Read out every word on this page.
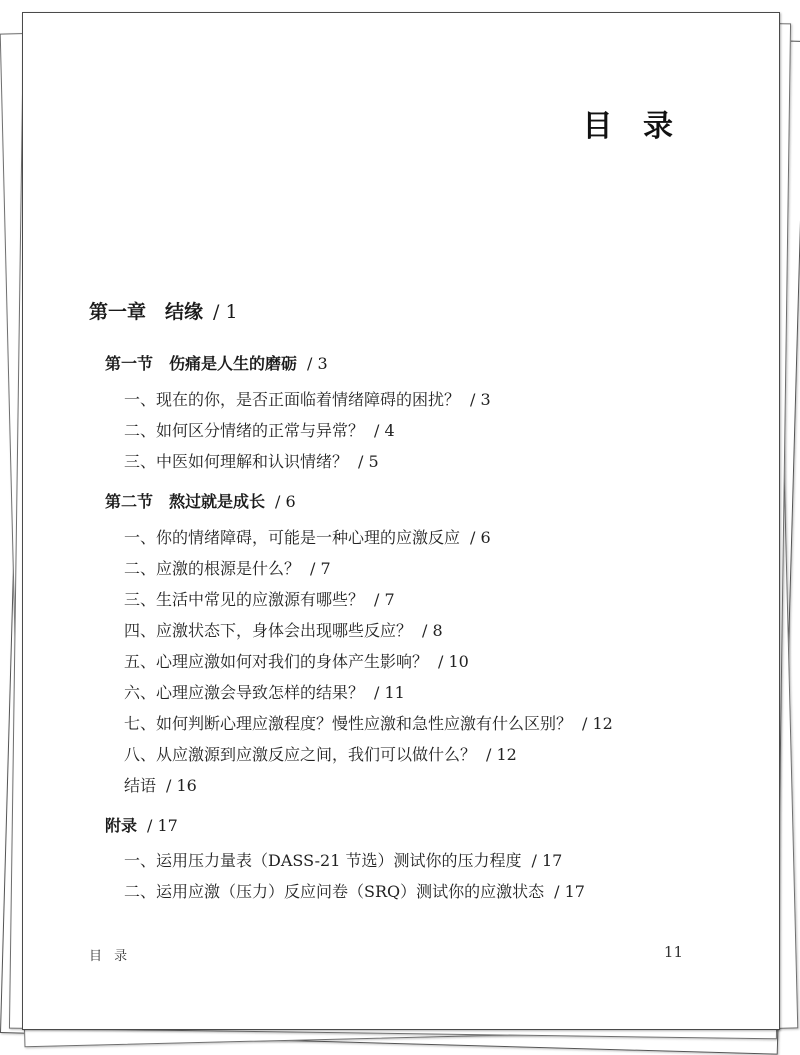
目 录
第一章　结缘 / 1
第一节　伤痛是人生的磨砺 / 3
一、现在的你，是否正面临着情绪障碍的困扰？ / 3
二、如何区分情绪的正常与异常？ / 4
三、中医如何理解和认识情绪？ / 5
第二节　熬过就是成长 / 6
一、你的情绪障碍，可能是一种心理的应激反应 / 6
二、应激的根源是什么？ / 7
三、生活中常见的应激源有哪些？ / 7
四、应激状态下，身体会出现哪些反应？ / 8
五、心理应激如何对我们的身体产生影响？ / 10
六、心理应激会导致怎样的结果？ / 11
七、如何判断心理应激程度？慢性应激和急性应激有什么区别？ / 12
八、从应激源到应激反应之间，我们可以做什么？ / 12
结语 / 16
附录 / 17
一、运用压力量表（DASS-21 节选）测试你的压力程度 / 17
二、运用应激（压力）反应问卷（SRQ）测试你的应激状态 / 17
目 录	11
